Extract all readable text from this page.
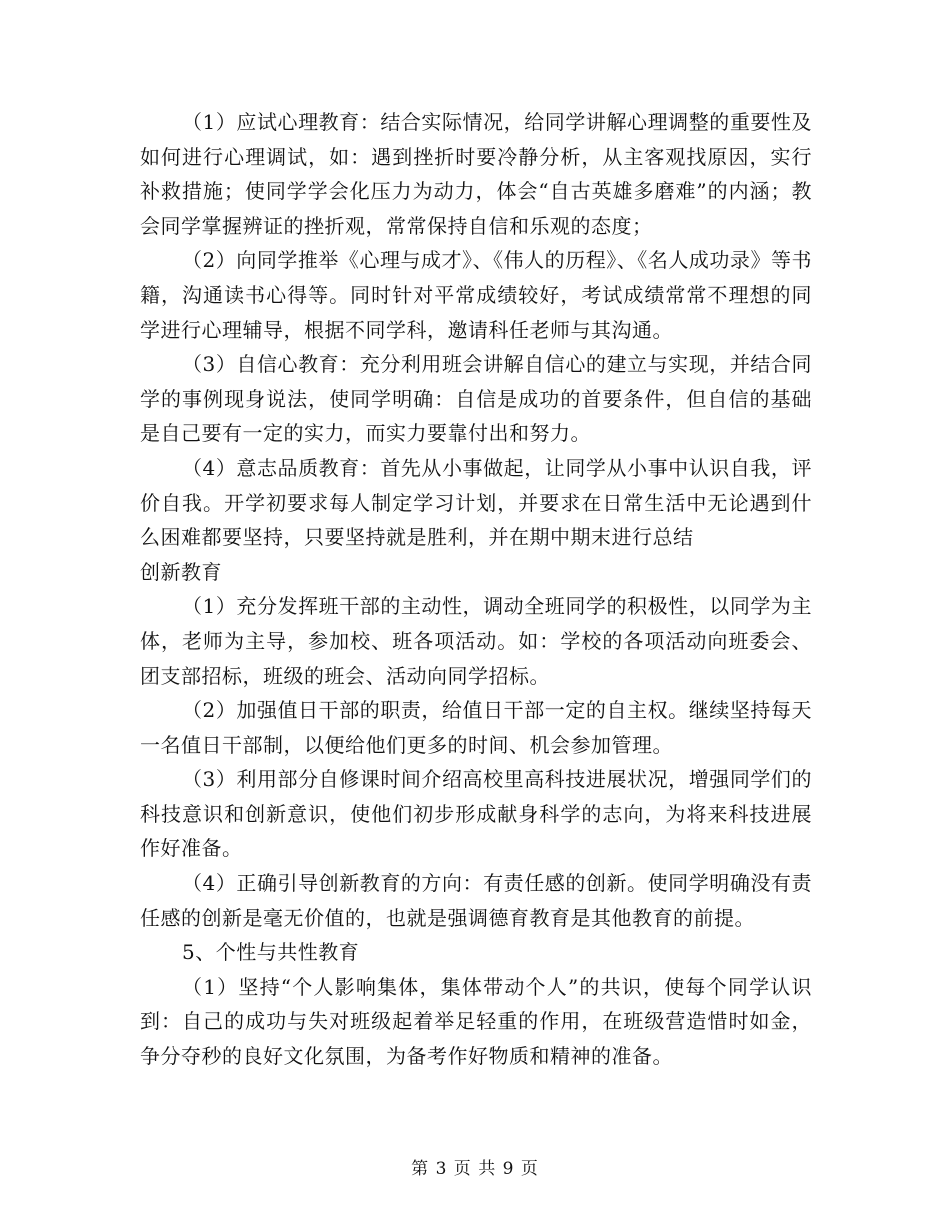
（1）应试心理教育：结合实际情况，给同学讲解心理调整的重要性及如何进行心理调试，如：遇到挫折时要冷静分析，从主客观找原因，实行补救措施；使同学学会化压力为动力，体会“自古英雄多磨难”的内涵；教会同学掌握辨证的挫折观，常常保持自信和乐观的态度；

（2）向同学推举《心理与成才》、《伟人的历程》、《名人成功录》等书籍，沟通读书心得等。同时针对平常成绩较好，考试成绩常常不理想的同学进行心理辅导，根据不同学科，邀请科任老师与其沟通。

（3）自信心教育：充分利用班会讲解自信心的建立与实现，并结合同学的事例现身说法，使同学明确：自信是成功的首要条件，但自信的基础是自己要有一定的实力，而实力要靠付出和努力。

（4）意志品质教育：首先从小事做起，让同学从小事中认识自我，评价自我。开学初要求每人制定学习计划，并要求在日常生活中无论遇到什么困难都要坚持，只要坚持就是胜利，并在期中期末进行总结

创新教育

（1）充分发挥班干部的主动性，调动全班同学的积极性，以同学为主体，老师为主导，参加校、班各项活动。如：学校的各项活动向班委会、团支部招标，班级的班会、活动向同学招标。

（2）加强值日干部的职责，给值日干部一定的自主权。继续坚持每天一名值日干部制，以便给他们更多的时间、机会参加管理。

（3）利用部分自修课时间介绍高校里高科技进展状况，增强同学们的科技意识和创新意识，使他们初步形成献身科学的志向，为将来科技进展作好准备。

（4）正确引导创新教育的方向：有责任感的创新。使同学明确没有责任感的创新是毫无价值的，也就是强调德育教育是其他教育的前提。

5、个性与共性教育

（1）坚持“个人影响集体，集体带动个人”的共识，使每个同学认识到：自己的成功与失对班级起着举足轻重的作用，在班级营造惜时如金，争分夺秒的良好文化氛围，为备考作好物质和精神的准备。

第 3 页 共 9 页
